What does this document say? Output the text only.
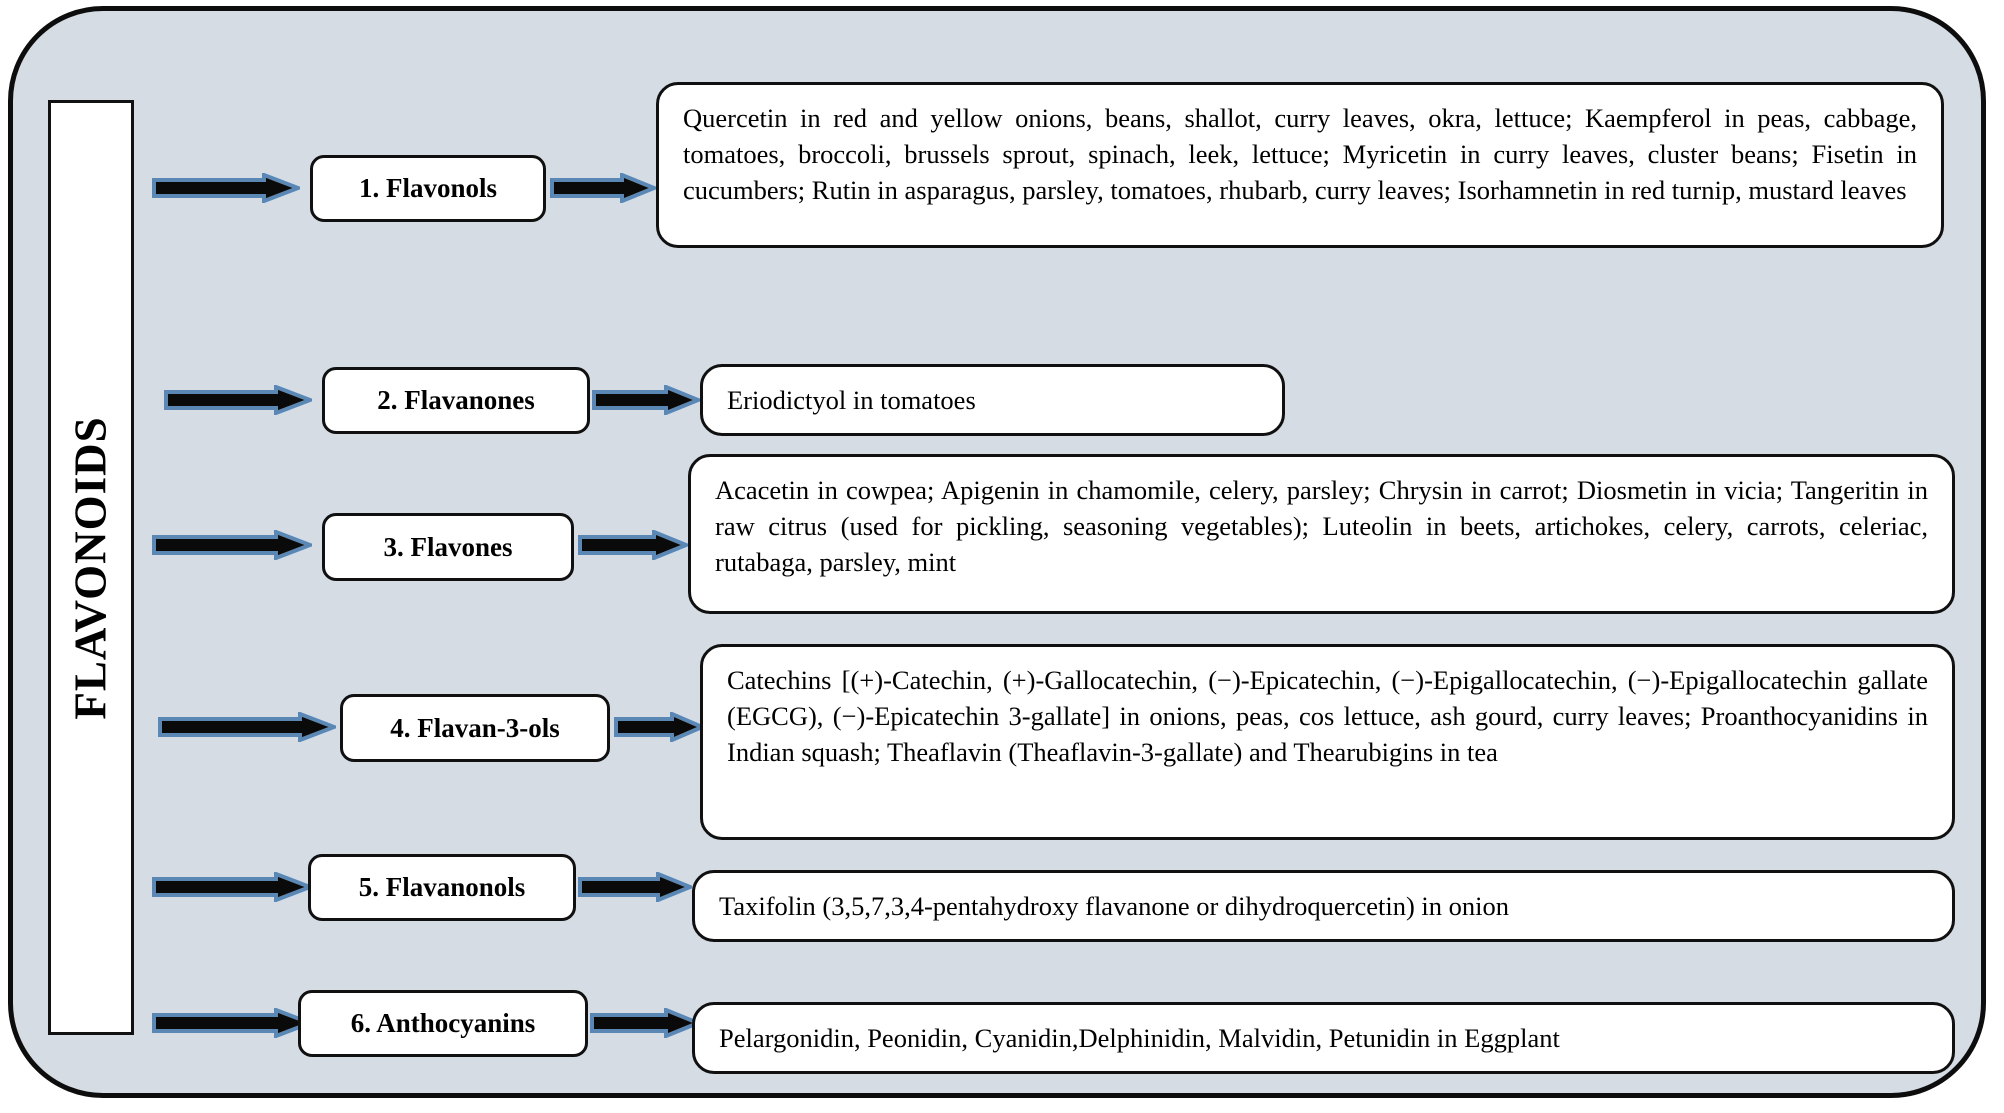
FLAVONOIDS
1. Flavonols
Quercetin in red and yellow onions, beans, shallot, curry leaves, okra, lettuce; Kaempferol in peas, cabbage, tomatoes, broccoli, brussels sprout, spinach, leek, lettuce; Myricetin in curry leaves, cluster beans; Fisetin in cucumbers; Rutin in asparagus, parsley, tomatoes, rhubarb, curry leaves; Isorhamnetin in red turnip, mustard leaves
2. Flavanones	Eriodictyol in tomatoes
3. Flavones
Acacetin in cowpea; Apigenin in chamomile, celery, parsley; Chrysin in carrot; Diosmetin in vicia; Tangeritin in raw citrus (used for pickling, seasoning vegetables); Luteolin in beets, artichokes, celery, carrots, celeriac, rutabaga, parsley, mint
4. Flavan-3-ols
Catechins [(+)-Catechin, (+)-Gallocatechin, (−)-Epicatechin, (−)-Epigallocatechin, (−)-Epigallocatechin gallate (EGCG), (−)-Epicatechin 3-gallate] in onions, peas, cos lettuce, ash gourd, curry leaves; Proanthocyanidins in Indian squash; Theaflavin (Theaflavin-3-gallate) and Thearubigins in tea
5. Flavanonols
Taxifolin (3,5,7,3,4-pentahydroxy flavanone or dihydroquercetin) in onion
6. Anthocyanins
Pelargonidin, Peonidin, Cyanidin,Delphinidin, Malvidin, Petunidin in Eggplant
